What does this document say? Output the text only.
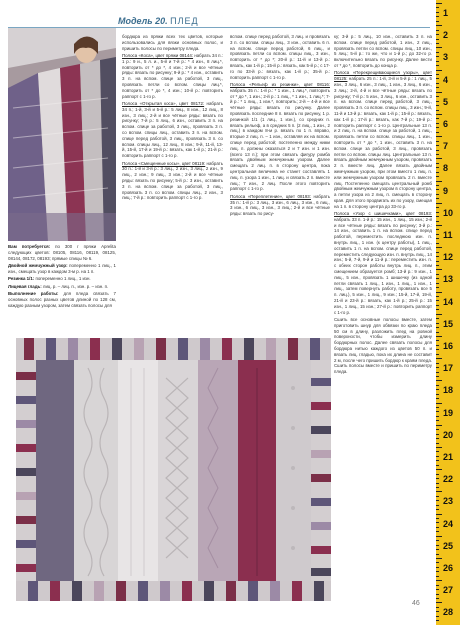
Модель 20. ПЛЕД

Вам потребуется: по 300 г пряжи Aprelita следующих цветов: 08105, 08116, 08119, 08125, 08144, 08172, 08193; прямые спицы № 6.

Двойной жемчужный узор: попеременно 1 лиц., 1 изн., смещать узор в каждом 3-м р. на 1 п.

Резинка 1/1: попеременно 1 лиц., 1 изн.

Лицевая гладь: лиц. р. – лиц. п., изн. р. – изн. п.

Выполнение работы: для пледа связать 7 основных полос разных цветов длиной по 128 см, каждую разным узором, затем связать полосы для

бордюра из пряжи всех тех цветов, которые использовались для вязки основных полос, и пришить полосы по периметру пледа.

Полоса «Коса», цвет пряжи 08144: набрать 34 п.: 1 р.: 9 и., 5 л. и., 5-й и 7-й р.: * 4 изн., 8 лиц.*, повторить от * до *, 4 изн.; 2-й и все чётные ряды: вязать по рисунку; 9-й р.: * 4 изн., оставить 3 п. на вспом. спице за работой, 3 лиц., провязать петли со вспом. спицы лиц.*, повторить от * до *, 4 изн.; 10-й р.: повторить раппорт с 1-го р.

Полоса «Открытая коса», цвет 08172: набрать 34 п.; 1-й, 3-й и 5-й р.: 5 лиц., 8 изн., 12 лиц., 8 изн., 3 лиц.; 2-й и все чётные ряды: вязать по рисунку; 7-й р.: 5 лиц., 6 изн., оставить 3 п. на вспом. спице за работой, 3 лиц., провязать 3 п. со вспом. спицы лиц., оставить 3 п. на вспом. спице перед работой, 3 лиц., провязать 3 п. со вспом. спицы лиц., 12 лиц., 8 изн.; 9-й, 11-й, 13-й, 15-й, 17-й и 19-й р.: вязать, как 1-й р.; 21-й р.: повторить раппорт с 1-го р.

Полоса «Смещенные косы», цвет 08119: набрать 30 п.: 1-й и 3-й р.: 3 лиц., 2 изн., 3 лиц., 2 изн., 9 лиц., 2 изн.; 9 лиц., 3 изн.; 2-й и все чётные ряды: вязать по рисунку; 5-й р.: 3 изн., оставить 3 п. на вспом. спице за работой, 3 лиц., провязать 3 п. со вспом. спицы лиц., 2 изн., 3 лиц.; 7-й р.: повторить раппорт с 1-го р.

вспом. спице перед работой, 3 лиц. и провязать 3 п. со вспом. спицы лиц., 3 изн., оставить 6 п. на вспом. спице перед работой, 6 лиц., и провязать петли со вспом. спицы лиц., 3 изн., повторить от * до *; 20-й р.: 11-й и 13-й р.: вязать, как 1-й р.; 15-й р.: вязать, как 5-й р.; с 17-го по 33-й р.: вязать, как 1-й р.; 35-й р.: повторить раппорт с 1-го р.

Полоса «Рельеф из резинки», цвет 08116: набрать 35 п.: 1-й р.: * 1 изн., 1 лиц.*, повторить от * до *, 1 изн.; 2-й р.: 1 лиц., * 1 изн., 1 лиц.*; 7-й р.: * 1 лиц., 1 изн.*, повторить; 2-й – 4-й и все чётные ряды: вязать по рисунку. Далее провязать последние 8 п. вязать по рисунку, 1 р. резинкой 1/1 (1 лиц., 1 изн.), со средних п. вязать рельеф, а в средних 5 п. (2 лиц., 1 изн., 2 лиц.) в каждом 8-м р. вязать по 1 п. вправо, вторые 2 лиц. п. – 1 изн., оставляя их на вспом. спице перед работой; постепенно между ними лиц. п. должны оказаться 2 и 7 изн. и 1 изн. (всего 13 п.); при этом связать фигуру ромба вязать двойным жемчужным узором. Далее смещать 2 лиц. п. в сторону центра, пока центральная величина не станет составлять 1 лиц. п. узора 1 изн., 1 лиц. и связать 2 п. вместе лиц.; 7 изн., 2 лиц. После этого повторить раппорт с 1-го р.

Полоса «Переплетение», цвет 08193: набрать 35 п.: 1-й р.: 3 лиц., 3 изн., 6 лиц., 3 изн., 6 лиц., 3 изн., 6 лиц., 3 изн., 3 лиц.; 2-й и все чётные ряды: вязать по рису-

ку; 3-й р.: 5 лиц., 10 изн., оставить 3 п. на вспом. спице перед работой, 1 изн., 2 лиц., провязать петли со вспом. спицы лиц., 10 изн., 5 лиц.; 5-й р.: то же, что и 1-й р.; до 32-го р. включительно вязать по рисунку. Далее вести от * до *, повторить до конца р.

Полоса «Перекрещивающиеся узоры», цвет 08125: набрать 25 п.: 1-й, 3-й и 5-й р.: 1 лиц., 5 изн., 3 лиц., 6 изн., 3 лиц., 1 изн., 3 лиц., 6 изн., 3 лиц.; 2-й, 4-й и все чётные ряды: вязать по рисунку; 7-й р.: 5 изн., 3 лиц., 6 изн., оставить 3 п. на вспом. спице перед работой, 3 лиц., провязать 3 п. со вспом. спицы лиц., 3 изн.; 9-й, 11-й и 13-й р.: вязать, как 1-й р.; 15-й р.: вязать, как 1-й р.; 17-й р.: вязать, как 7-й р.; 19-й р.: повторить раппорт с 1-го р. Центральные 13 п. и 2 лиц. п. на вспом. спице за работой, 1 лиц., провязать петли со вспом. спицы лиц., 1 изн., повторить от * до *, 1 изн., оставить 3 п. на вспом. спице за работой, 3 лиц., провязать петли со вспом. спицы лиц. Центральные 13 п. вязать двойным жемчужным узором, провязать 2 п. вместе лиц. Далее вязать двойным жемчужным узором, при этом вместо 1 лиц. п. или жемчужным узором провязать 2 п. вместе лиц. Постепенно смещать центральный ромб двойным жемчужным узором в сторону центра, а петли узора из 2 лиц. п. смещать в сторону края. Для этого продвигать их по узору, смещая на 1 п. в сторону центра до 33-го р.

Полоса «Узор с шишечками», цвет 08193: набрать 33 п. 1-й р.: 15 изн., 1 лиц., 15 изн.; 2-й и все чётные ряды: вязать по рисунку; 3-й р.: 14 изн., оставить 1 п. на вспом. спице перед работой, переместить последнюю изн. п. внутрь лиц., 1 изн. (к центру работы), 1 лиц., оставить 1 п. на вспом. спице перед работой, переместить следующую изн. п. внутрь лиц., 14 изн.; 5-й, 7-й, 9-й и 11-й р.: переместить изн. п. с обеих сторон работы внутрь лиц. п., этим смещением образуется ромб; 13-й р.: 9 изн., 1 лиц., 5 изн., провязать 1 шишечку (из одной петли связать 1 лиц., 1 изн., 1 лиц., 1 изн., 1 лиц., затем повернуть работу, провязать все 5 п. лиц.), 5 изн., 1 лиц., 9 изн.; 15-й, 17-й, 19-й, 21-й и 23-й р.: вязать, как 1-й р.; 25-й р.: 15 изн., 1 лиц., 15 изн.; 27-й р.: повторить раппорт с 1-го р.

Сшить все основные полосы вместе, затем приготовить шнур для обвязки по краю пледа 50 см в длину, разложить плед на ровной поверхности, чтобы измерить длину бордюрных полос. Далее связать полосы для бордюра нитью каждого из цветов 50 п. и вязать лиц. гладью, пока их длина не составит 2 м, после чего пришить бордюр к краям пледа. Сшить полосы вместе и пришить по периметру пледа.

1
2
3
4
5
6
7
8
9
10
11
12
13
14
15
16
17
18
19
20
21
22
23
24
25
26
27
28
46
